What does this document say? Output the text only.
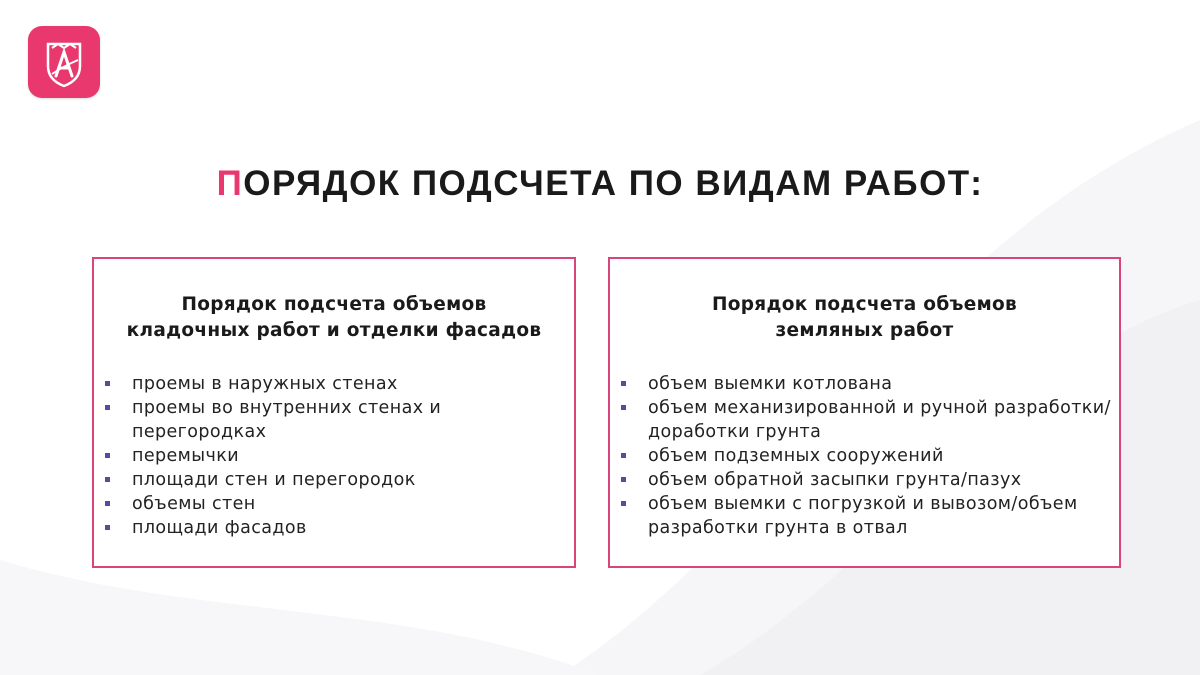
ПОРЯДОК ПОДСЧЕТА ПО ВИДАМ РАБОТ:
Порядок подсчета объемов
кладочных работ и отделки фасадов
проемы в наружных стенах
проемы во внутренних стенах и перегородках
перемычки
площади стен и перегородок
объемы стен
площади фасадов
Порядок подсчета объемов
земляных работ
объем выемки котлована
объем механизированной и ручной разработки/доработки грунта
объем подземных сооружений
объем обратной засыпки грунта/пазух
объем выемки с погрузкой и вывозом/объем разработки грунта в отвал
